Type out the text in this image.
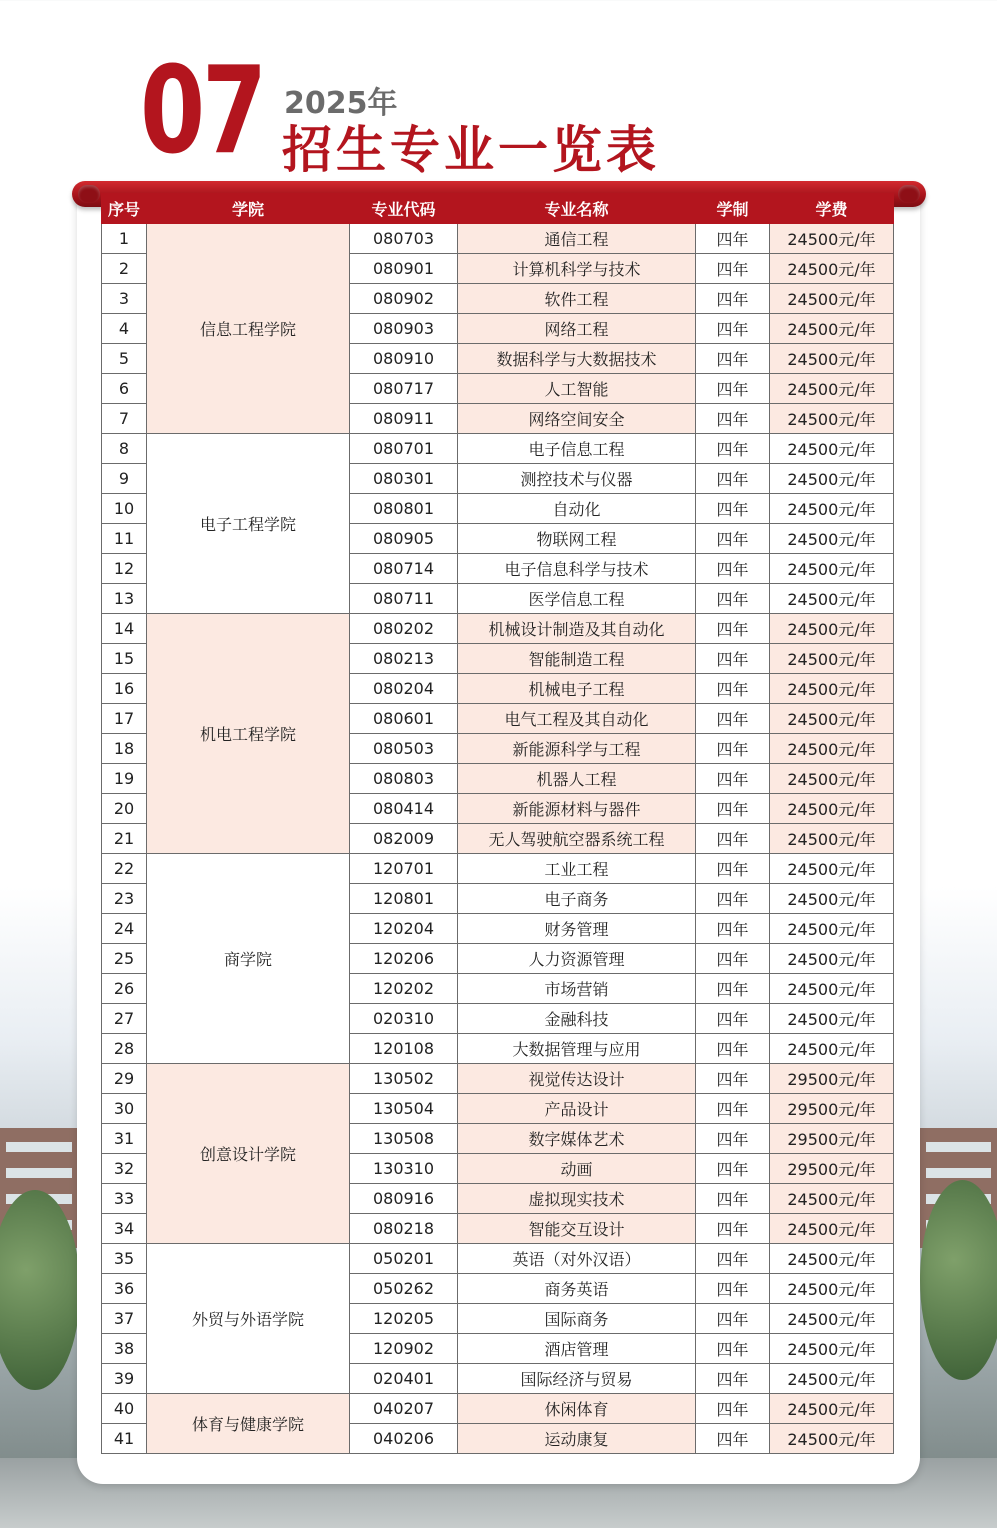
07 2025年
招生专业一览表
序号	学院	专业代码	专业名称	学制	学费
1	信息工程学院	080703	通信工程	四年	24500元/年
2		080901	计算机科学与技术	四年	24500元/年
3		080902	软件工程	四年	24500元/年
4		080903	网络工程	四年	24500元/年
5		080910	数据科学与大数据技术	四年	24500元/年
6		080717	人工智能	四年	24500元/年
7		080911	网络空间安全	四年	24500元/年
8	电子工程学院	080701	电子信息工程	四年	24500元/年
9		080301	测控技术与仪器	四年	24500元/年
10		080801	自动化	四年	24500元/年
11		080905	物联网工程	四年	24500元/年
12		080714	电子信息科学与技术	四年	24500元/年
13		080711	医学信息工程	四年	24500元/年
14	机电工程学院	080202	机械设计制造及其自动化	四年	24500元/年
15		080213	智能制造工程	四年	24500元/年
16		080204	机械电子工程	四年	24500元/年
17		080601	电气工程及其自动化	四年	24500元/年
18		080503	新能源科学与工程	四年	24500元/年
19		080803	机器人工程	四年	24500元/年
20		080414	新能源材料与器件	四年	24500元/年
21		082009	无人驾驶航空器系统工程	四年	24500元/年
22	商学院	120701	工业工程	四年	24500元/年
23		120801	电子商务	四年	24500元/年
24		120204	财务管理	四年	24500元/年
25		120206	人力资源管理	四年	24500元/年
26		120202	市场营销	四年	24500元/年
27		020310	金融科技	四年	24500元/年
28		120108	大数据管理与应用	四年	24500元/年
29	创意设计学院	130502	视觉传达设计	四年	29500元/年
30		130504	产品设计	四年	29500元/年
31		130508	数字媒体艺术	四年	29500元/年
32		130310	动画	四年	29500元/年
33		080916	虚拟现实技术	四年	24500元/年
34		080218	智能交互设计	四年	24500元/年
35	外贸与外语学院	050201	英语（对外汉语）	四年	24500元/年
36		050262	商务英语	四年	24500元/年
37		120205	国际商务	四年	24500元/年
38		120902	酒店管理	四年	24500元/年
39		020401	国际经济与贸易	四年	24500元/年
40	体育与健康学院	040207	休闲体育	四年	24500元/年
41		040206	运动康复	四年	24500元/年
